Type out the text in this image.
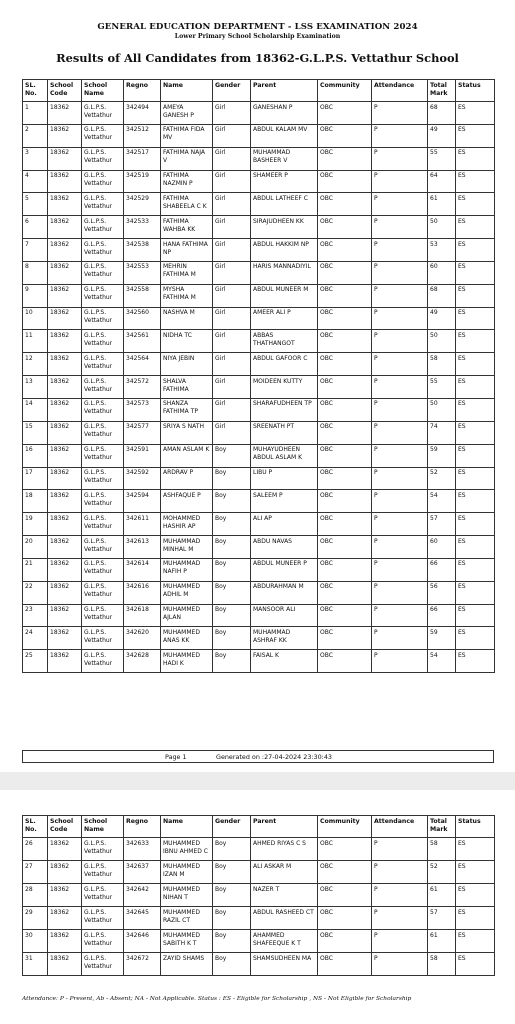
GENERAL EDUCATION DEPARTMENT - LSS EXAMINATION 2024
Lower Primary School Scholarship Examination
Results of All Candidates from 18362-G.L.P.S. Vettathur School
SL. No.	School Code	School Name	Regno	Name	Gender	Parent	Community	Attendance	Total Mark	Status
1	18362	G.L.P.S. Vettathur	342494	AMEYA GANESH P	Girl	GANESHAN P	OBC	P	68	ES
2	18362	G.L.P.S. Vettathur	342512	FATHIMA FIDA MV	Girl	ABDUL KALAM MV	OBC	P	49	ES
3	18362	G.L.P.S. Vettathur	342517	FATHIMA NAJA V	Girl	MUHAMMAD BASHEER V	OBC	P	55	ES
4	18362	G.L.P.S. Vettathur	342519	FATHIMA NAZMIN P	Girl	SHAMEER P	OBC	P	64	ES
5	18362	G.L.P.S. Vettathur	342529	FATHIMA SHABEELA C K	Girl	ABDUL LATHEEF C	OBC	P	61	ES
6	18362	G.L.P.S. Vettathur	342533	FATHIMA WAHBA KK	Girl	SIRAJUDHEEN KK	OBC	P	50	ES
7	18362	G.L.P.S. Vettathur	342538	HANA FATHIMA NP	Girl	ABDUL HAKKIM NP	OBC	P	53	ES
8	18362	G.L.P.S. Vettathur	342553	MEHRIN FATHIMA M	Girl	HARIS MANNADIYIL	OBC	P	60	ES
9	18362	G.L.P.S. Vettathur	342558	MYSHA FATHIMA M	Girl	ABDUL MUNEER M	OBC	P	68	ES
10	18362	G.L.P.S. Vettathur	342560	NASHVA M	Girl	AMEER ALI P	OBC	P	49	ES
11	18362	G.L.P.S. Vettathur	342561	NIDHA TC	Girl	ABBAS THATHANGOT	OBC	P	50	ES
12	18362	G.L.P.S. Vettathur	342564	NIYA JEBIN	Girl	ABDUL GAFOOR C	OBC	P	58	ES
13	18362	G.L.P.S. Vettathur	342572	SHALVA FATHIMA	Girl	MOIDEEN KUTTY	OBC	P	55	ES
14	18362	G.L.P.S. Vettathur	342573	SHANZA FATHIMA TP	Girl	SHARAFUDHEEN TP	OBC	P	50	ES
15	18362	G.L.P.S. Vettathur	342577	SRIYA S NATH	Girl	SREENATH PT	OBC	P	74	ES
16	18362	G.L.P.S. Vettathur	342591	AMAN ASLAM K	Boy	MUHAYUDHEEN ABDUL ASLAM K	OBC	P	59	ES
17	18362	G.L.P.S. Vettathur	342592	ARDRAV P	Boy	LIBU P	OBC	P	52	ES
18	18362	G.L.P.S. Vettathur	342594	ASHFAQUE P	Boy	SALEEM P	OBC	P	54	ES
19	18362	G.L.P.S. Vettathur	342611	MOHAMMED HASHIR AP	Boy	ALI AP	OBC	P	57	ES
20	18362	G.L.P.S. Vettathur	342613	MUHAMMAD MINHAL M	Boy	ABDU NAVAS	OBC	P	60	ES
21	18362	G.L.P.S. Vettathur	342614	MUHAMMAD NAFIH P	Boy	ABDUL MUNEER P	OBC	P	66	ES
22	18362	G.L.P.S. Vettathur	342616	MUHAMMED ADHIL M	Boy	ABDURAHMAN M	OBC	P	56	ES
23	18362	G.L.P.S. Vettathur	342618	MUHAMMED AJLAN	Boy	MANSOOR ALI	OBC	P	66	ES
24	18362	G.L.P.S. Vettathur	342620	MUHAMMED ANAS KK	Boy	MUHAMMAD ASHRAF KK	OBC	P	59	ES
25	18362	G.L.P.S. Vettathur	342628	MUHAMMED HADI K	Boy	FAISAL K	OBC	P	54	ES
Page 1	Generated on :27-04-2024 23:30:43
SL. No.	School Code	School Name	Regno	Name	Gender	Parent	Community	Attendance	Total Mark	Status
26	18362	G.L.P.S. Vettathur	342633	MUHAMMED IBNU AHMED C	Boy	AHMED RIYAS C S	OBC	P	58	ES
27	18362	G.L.P.S. Vettathur	342637	MUHAMMED IZAN M	Boy	ALI ASKAR M	OBC	P	52	ES
28	18362	G.L.P.S. Vettathur	342642	MUHAMMED NIHAN T	Boy	NAZER T	OBC	P	61	ES
29	18362	G.L.P.S. Vettathur	342645	MUHAMMED RAZIL CT	Boy	ABDUL RASHEED CT	OBC	P	57	ES
30	18362	G.L.P.S. Vettathur	342646	MUHAMMED SABITH K T	Boy	AHAMMED SHAFEEQUE K T	OBC	P	61	ES
31	18362	G.L.P.S. Vettathur	342672	ZAYID SHAMS	Boy	SHAMSUDHEEN MA	OBC	P	58	ES
Attendance: P - Present, Ab - Absent; NA - Not Applicable. Status : ES - Eligible for Scholarship , NS - Not Eligible for Scholarship
